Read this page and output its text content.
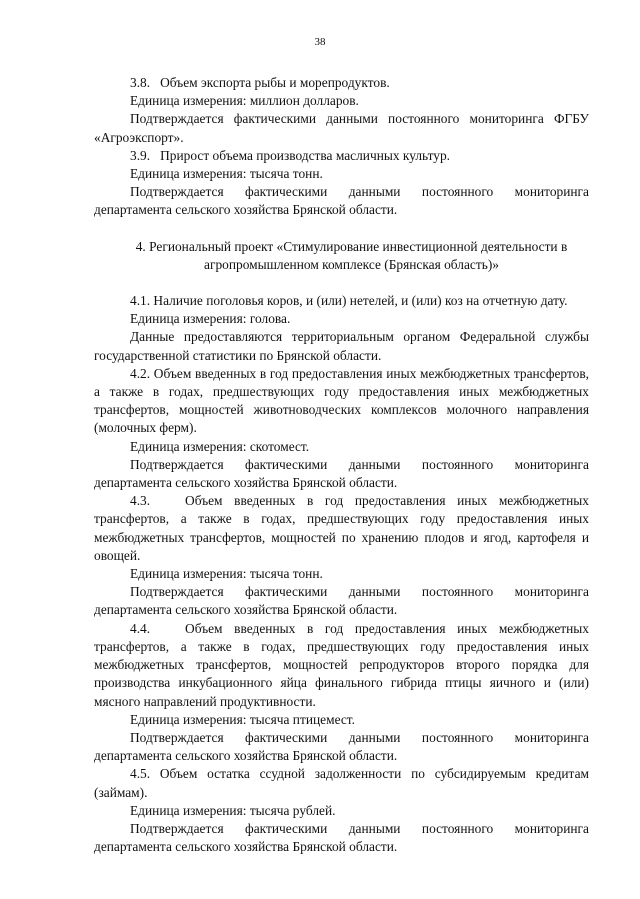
38

3.8.   Объем экспорта рыбы и морепродуктов.

Единица измерения: миллион долларов.

Подтверждается фактическими данными постоянного мониторинга ФГБУ «Агроэкспорт».

3.9.   Прирост объема производства масличных культур.

Единица измерения: тысяча тонн.

Подтверждается фактическими данными постоянного мониторинга департамента сельского хозяйства Брянской области.

4. Региональный проект «Стимулирование инвестиционной деятельности в агропромышленном комплексе (Брянская область)»

4.1. Наличие поголовья коров, и (или) нетелей, и (или) коз на отчетную дату.

Единица измерения: голова.

Данные предоставляются территориальным органом Федеральной службы государственной статистики по Брянской области.

4.2. Объем введенных в год предоставления иных межбюджетных трансфертов, а также в годах, предшествующих году предоставления иных межбюджетных трансфертов, мощностей животноводческих комплексов молочного направления (молочных ферм).

Единица измерения: скотомест.

Подтверждается фактическими данными постоянного мониторинга департамента сельского хозяйства Брянской области.

4.3.   Объем введенных в год предоставления иных межбюджетных трансфертов, а также в годах, предшествующих году предоставления иных межбюджетных трансфертов, мощностей по хранению плодов и ягод, картофеля и овощей.

Единица измерения: тысяча тонн.

Подтверждается фактическими данными постоянного мониторинга департамента сельского хозяйства Брянской области.

4.4.   Объем введенных в год предоставления иных межбюджетных трансфертов, а также в годах, предшествующих году предоставления иных межбюджетных трансфертов, мощностей репродукторов второго порядка для производства инкубационного яйца финального гибрида птицы яичного и (или) мясного направлений продуктивности.

Единица измерения: тысяча птицемест.

Подтверждается фактическими данными постоянного мониторинга департамента сельского хозяйства Брянской области.

4.5. Объем остатка ссудной задолженности по субсидируемым кредитам (займам).

Единица измерения: тысяча рублей.

Подтверждается фактическими данными постоянного мониторинга департамента сельского хозяйства Брянской области.
